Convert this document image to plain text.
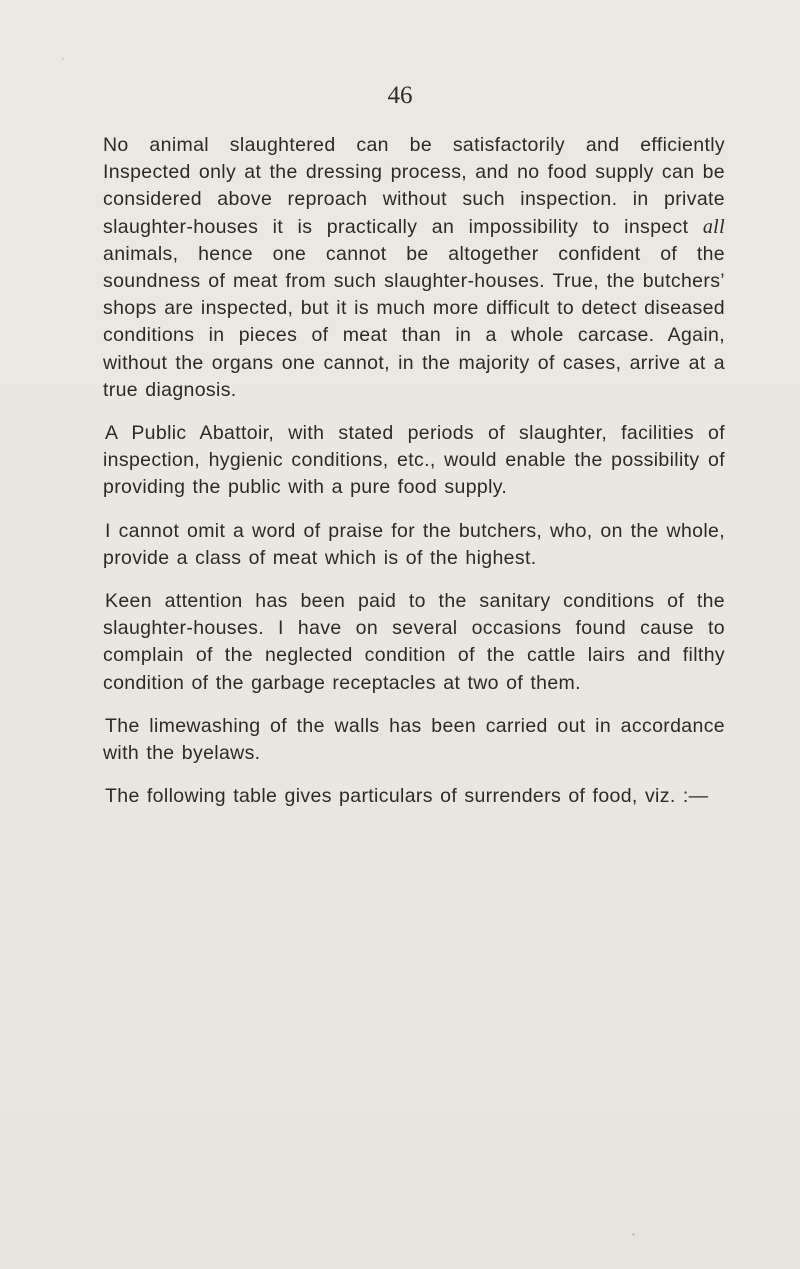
46

No animal slaughtered can be satisfactorily and efficiently Inspected only at the dressing process, and no food supply can be considered above reproach without such inspection. in private slaughter-houses it is practically an impossibility to inspect all animals, hence one cannot be altogether confident of the soundness of meat from such slaughter-houses. True, the butchers’ shops are inspected, but it is much more difficult to detect diseased conditions in pieces of meat than in a whole carcase. Again, without the organs one cannot, in the majority of cases, arrive at a true diagnosis.

A Public Abattoir, with stated periods of slaughter, facilities of inspection, hygienic conditions, etc., would enable the possibility of providing the public with a pure food supply.

I cannot omit a word of praise for the butchers, who, on the whole, provide a class of meat which is of the highest.

Keen attention has been paid to the sanitary conditions of the slaughter-houses. I have on several occasions found cause to complain of the neglected condition of the cattle lairs and filthy condition of the garbage receptacles at two of them.

The limewashing of the walls has been carried out in accordance with the byelaws.

The following table gives particulars of surrenders of food, viz. :—
